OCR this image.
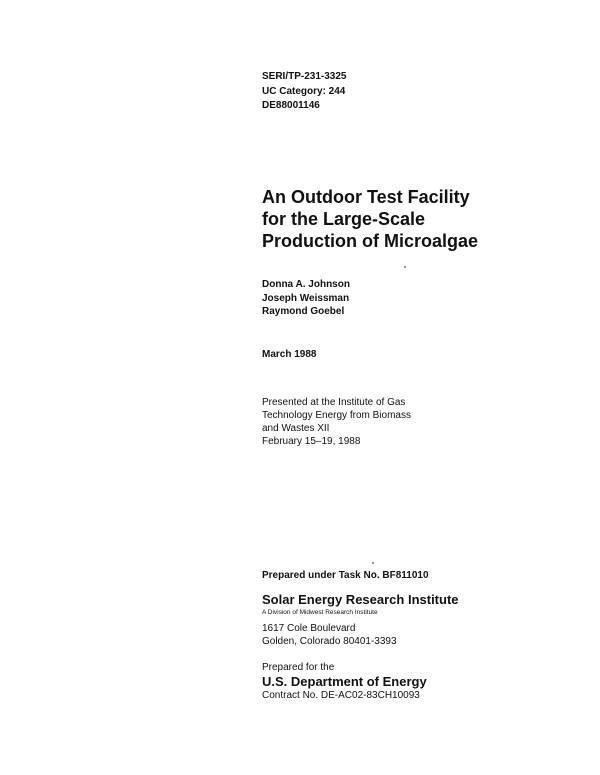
SERI/TP-231-3325
UC Category: 244
DE88001146
An Outdoor Test Facility
for the Large-Scale
Production of Microalgae
Donna A. Johnson
Joseph Weissman
Raymond Goebel
March 1988
Presented at the Institute of Gas
Technology Energy from Biomass
and Wastes XII
February 15–19, 1988
Prepared under Task No. BF811010
Solar Energy Research Institute
A Division of Midwest Research Institute
1617 Cole Boulevard
Golden, Colorado 80401-3393
Prepared for the
U.S. Department of Energy
Contract No. DE-AC02-83CH10093
